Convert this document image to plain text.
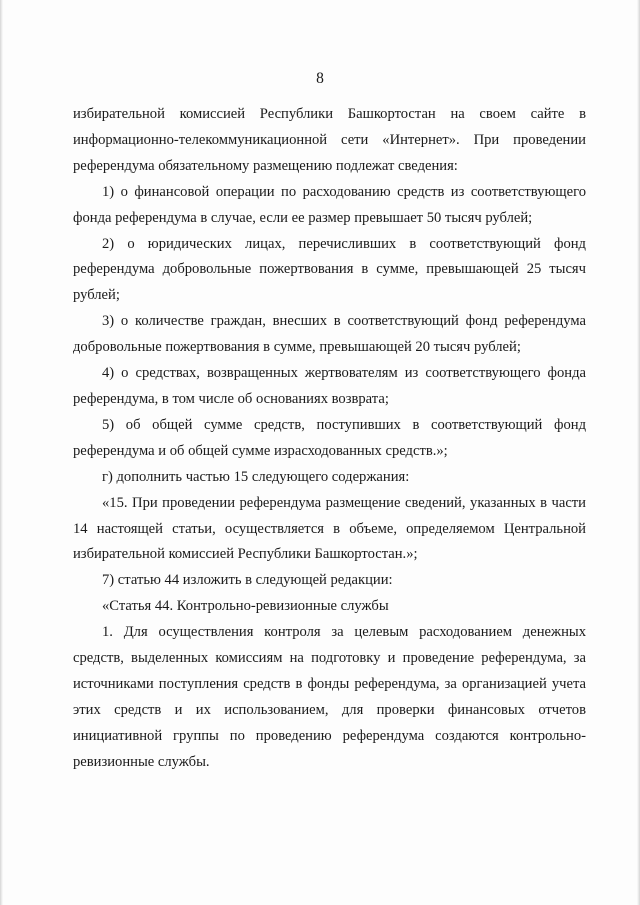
8

избирательной комиссией Республики Башкортостан на своем сайте в информационно-телекоммуникационной сети «Интернет». При проведении референдума обязательному размещению подлежат сведения:

1) о финансовой операции по расходованию средств из соответствующего фонда референдума в случае, если ее размер превышает 50 тысяч рублей;

2) о юридических лицах, перечисливших в соответствующий фонд референдума добровольные пожертвования в сумме, превышающей 25 тысяч рублей;

3) о количестве граждан, внесших в соответствующий фонд референдума добровольные пожертвования в сумме, превышающей 20 тысяч рублей;

4) о средствах, возвращенных жертвователям из соответствующего фонда референдума, в том числе об основаниях возврата;

5) об общей сумме средств, поступивших в соответствующий фонд референдума и об общей сумме израсходованных средств.»;

г) дополнить частью 15 следующего содержания:

«15. При проведении референдума размещение сведений, указанных в части 14 настоящей статьи, осуществляется в объеме, определяемом Центральной избирательной комиссией Республики Башкортостан.»;

7) статью 44 изложить в следующей редакции:

«Статья 44. Контрольно-ревизионные службы

1. Для осуществления контроля за целевым расходованием денежных средств, выделенных комиссиям на подготовку и проведение референдума, за источниками поступления средств в фонды референдума, за организацией учета этих средств и их использованием, для проверки финансовых отчетов инициативной группы по проведению референдума создаются контрольно-ревизионные службы.
